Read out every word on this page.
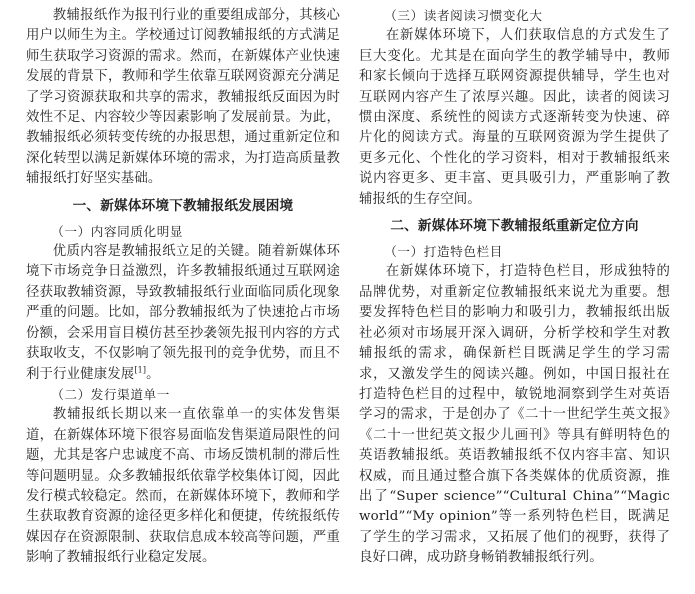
教辅报纸作为报刊行业的重要组成部分，其核心用户以师生为主。学校通过订阅教辅报纸的方式满足师生获取学习资源的需求。然而，在新媒体产业快速发展的背景下，教师和学生依靠互联网资源充分满足了学习资源获取和共享的需求，教辅报纸反面因为时效性不足、内容较少等因素影响了发展前景。为此，教辅报纸必须转变传统的办报思想，通过重新定位和深化转型以满足新媒体环境的需求，为打造高质量教辅报纸打好坚实基础。

一、新媒体环境下教辅报纸发展困境

（一）内容同质化明显

优质内容是教辅报纸立足的关键。随着新媒体环境下市场竞争日益激烈，许多教辅报纸通过互联网途径获取教辅资源，导致教辅报纸行业面临同质化现象严重的问题。比如，部分教辅报纸为了快速抢占市场份额，会采用盲目模仿甚至抄袭领先报刊内容的方式获取收支，不仅影响了领先报刊的竞争优势，而且不利于行业健康发展[1]。

（二）发行渠道单一

教辅报纸长期以来一直依靠单一的实体发售渠道，在新媒体环境下很容易面临发售渠道局限性的问题，尤其是客户忠诚度不高、市场反馈机制的滞后性等问题明显。众多教辅报纸依靠学校集体订阅，因此发行模式较稳定。然而，在新媒体环境下，教师和学生获取教育资源的途径更多样化和便捷，传统报纸传媒因存在资源限制、获取信息成本较高等问题，严重影响了教辅报纸行业稳定发展。

（三）读者阅读习惯变化大

在新媒体环境下，人们获取信息的方式发生了巨大变化。尤其是在面向学生的教学辅导中，教师和家长倾向于选择互联网资源提供辅导，学生也对互联网内容产生了浓厚兴趣。因此，读者的阅读习惯由深度、系统性的阅读方式逐渐转变为快速、碎片化的阅读方式。海量的互联网资源为学生提供了更多元化、个性化的学习资料，相对于教辅报纸来说内容更多、更丰富、更具吸引力，严重影响了教辅报纸的生存空间。

二、新媒体环境下教辅报纸重新定位方向

（一）打造特色栏目

在新媒体环境下，打造特色栏目，形成独特的品牌优势，对重新定位教辅报纸来说尤为重要。想要发挥特色栏目的影响力和吸引力，教辅报纸出版社必须对市场展开深入调研，分析学校和学生对教辅报纸的需求，确保新栏目既满足学生的学习需求，又激发学生的阅读兴趣。例如，中国日报社在打造特色栏目的过程中，敏锐地洞察到学生对英语学习的需求，于是创办了《二十一世纪学生英文报》《二十一世纪英文报少儿画刊》等具有鲜明特色的英语教辅报纸。英语教辅报纸不仅内容丰富、知识权威，而且通过整合旗下各类媒体的优质资源，推出了“Super science”“Cultural China”“Magic world”“My opinion”等一系列特色栏目，既满足了学生的学习需求，又拓展了他们的视野，获得了良好口碑，成功跻身畅销教辅报纸行列。
